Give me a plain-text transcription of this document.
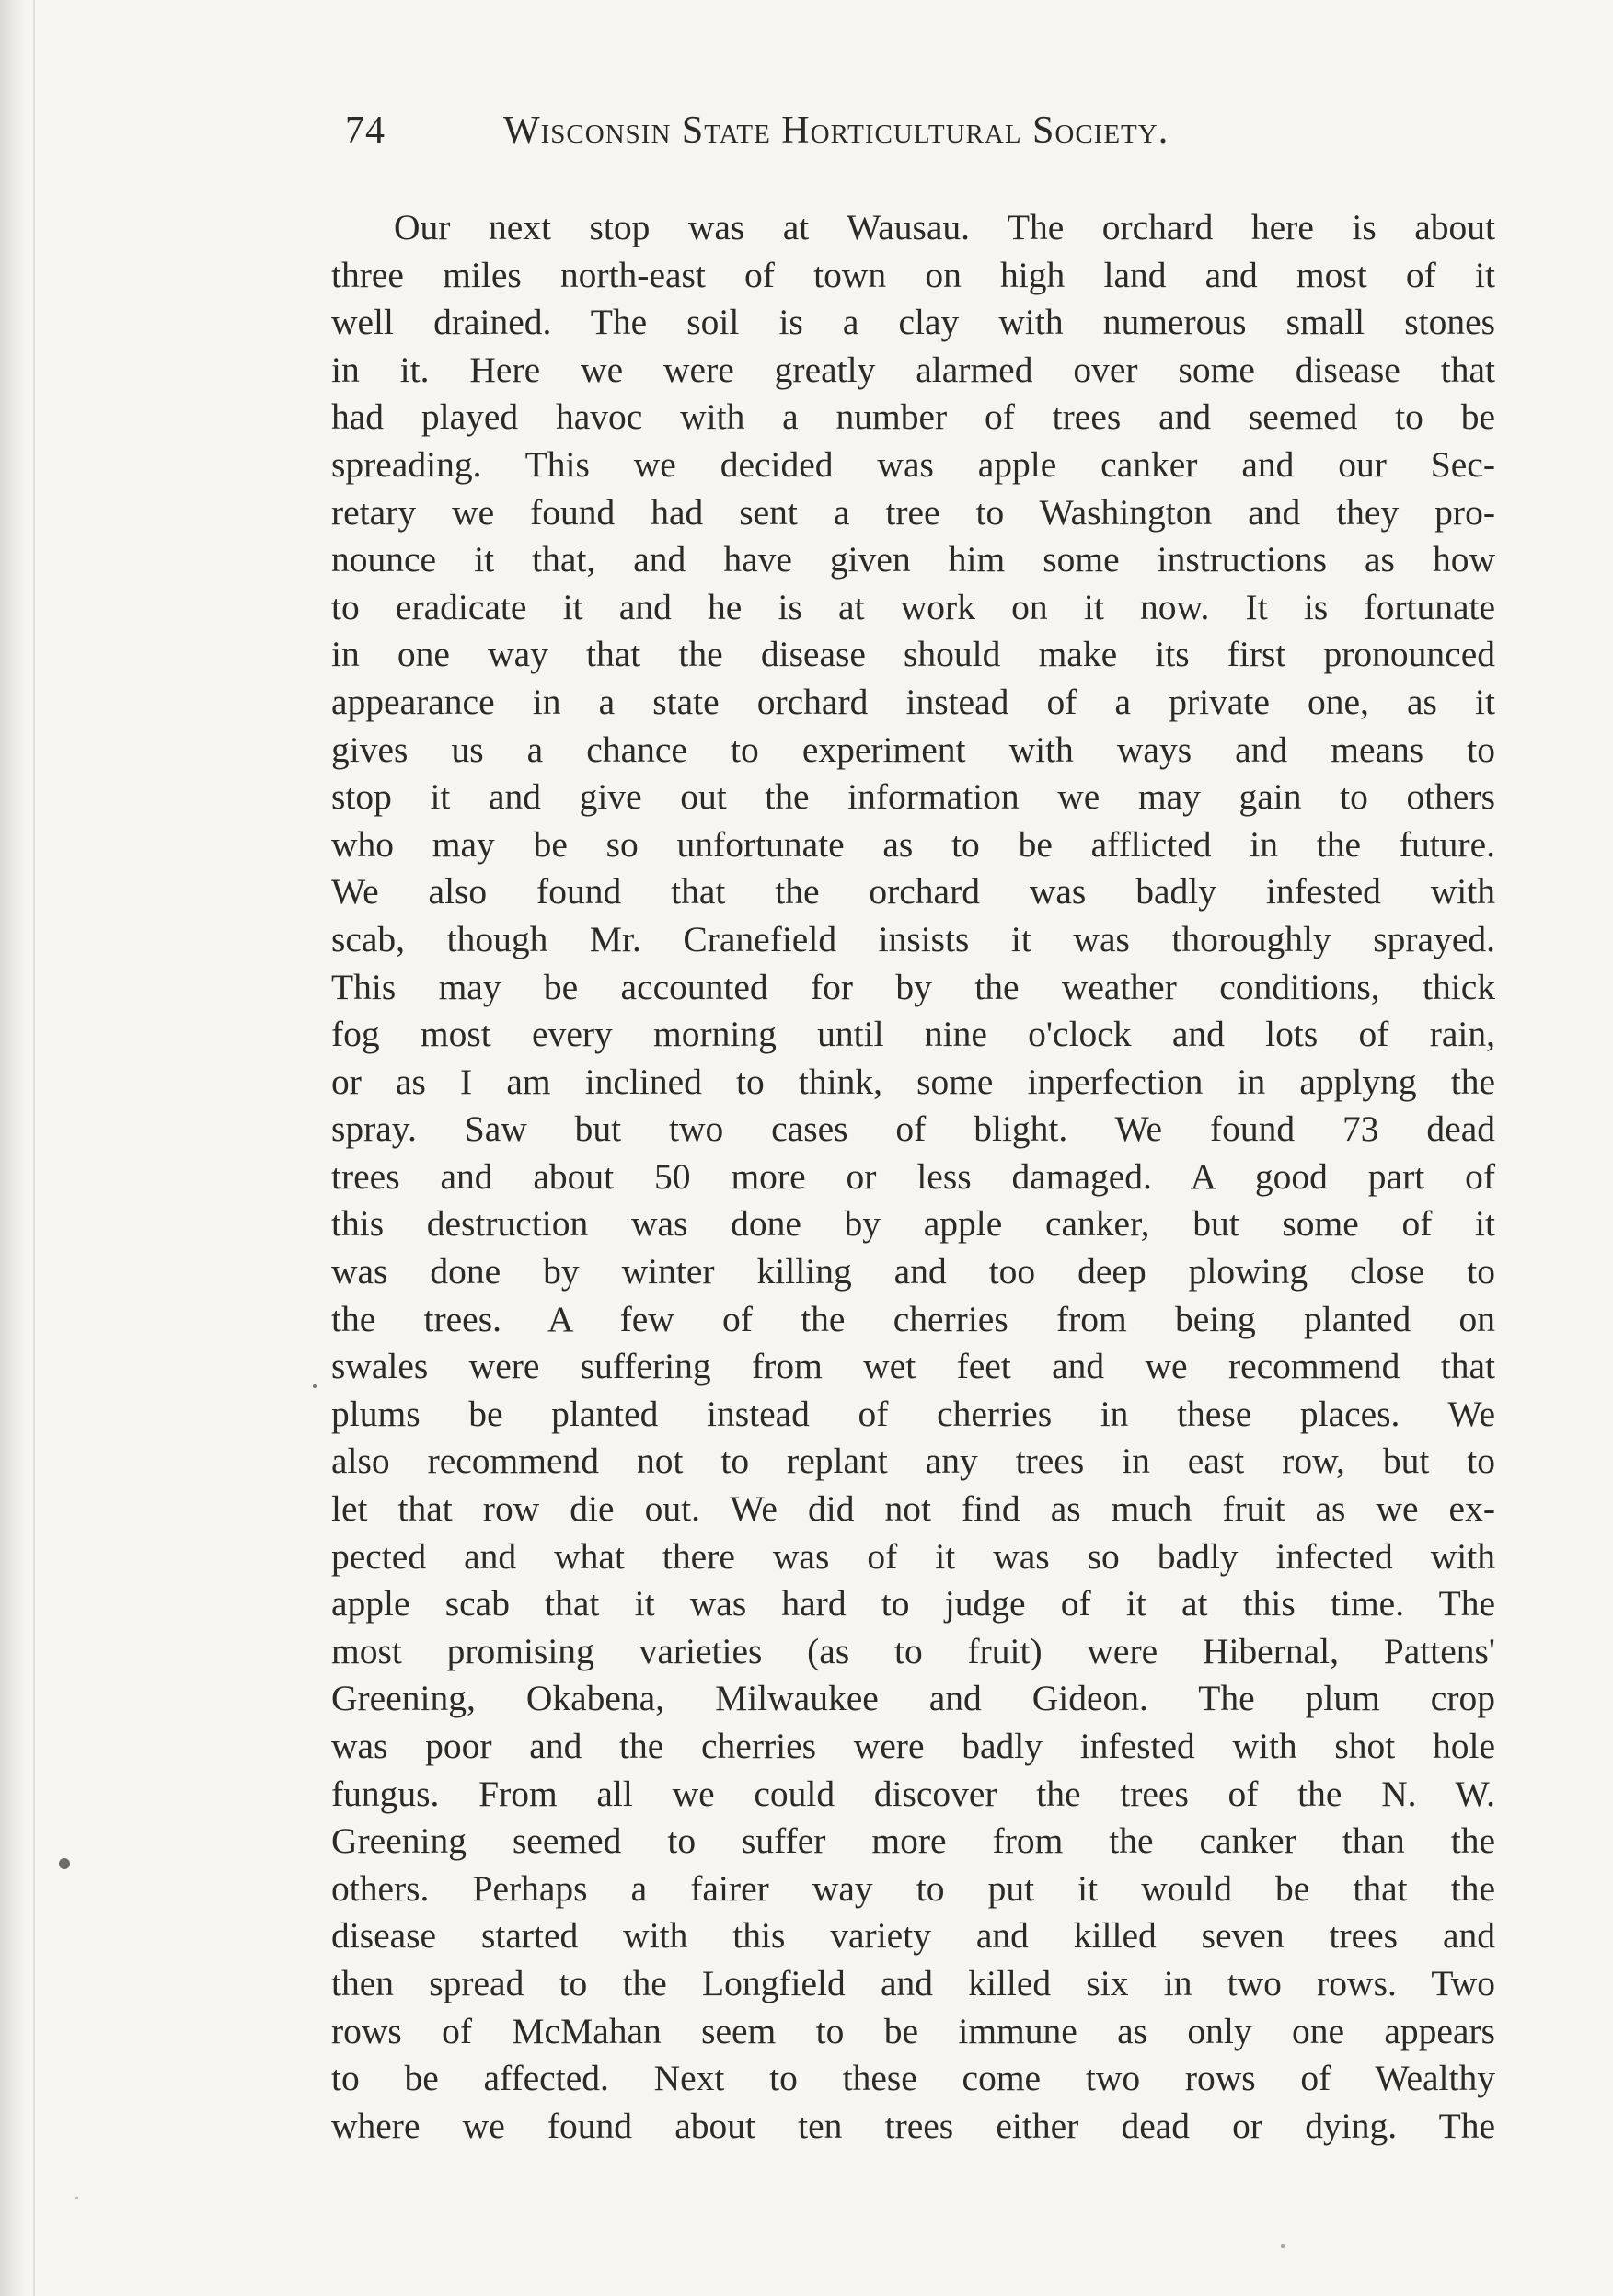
74	Wisconsin State Horticultural Society.
Our next stop was at Wausau. The orchard here is about
three miles north-east of town on high land and most of it
well drained. The soil is a clay with numerous small stones
in it. Here we were greatly alarmed over some disease that
had played havoc with a number of trees and seemed to be
spreading. This we decided was apple canker and our Sec-
retary we found had sent a tree to Washington and they pro-
nounce it that, and have given him some instructions as how
to eradicate it and he is at work on it now. It is fortunate
in one way that the disease should make its first pronounced
appearance in a state orchard instead of a private one, as it
gives us a chance to experiment with ways and means to
stop it and give out the information we may gain to others
who may be so unfortunate as to be afflicted in the future.
We also found that the orchard was badly infested with
scab, though Mr. Cranefield insists it was thoroughly sprayed.
This may be accounted for by the weather conditions, thick
fog most every morning until nine o'clock and lots of rain,
or as I am inclined to think, some inperfection in applyng the
spray. Saw but two cases of blight. We found 73 dead
trees and about 50 more or less damaged. A good part of
this destruction was done by apple canker, but some of it
was done by winter killing and too deep plowing close to
the trees. A few of the cherries from being planted on
swales were suffering from wet feet and we recommend that
plums be planted instead of cherries in these places. We
also recommend not to replant any trees in east row, but to
let that row die out. We did not find as much fruit as we ex-
pected and what there was of it was so badly infected with
apple scab that it was hard to judge of it at this time. The
most promising varieties (as to fruit) were Hibernal, Pattens'
Greening, Okabena, Milwaukee and Gideon. The plum crop
was poor and the cherries were badly infested with shot hole
fungus. From all we could discover the trees of the N. W.
Greening seemed to suffer more from the canker than the
others. Perhaps a fairer way to put it would be that the
disease started with this variety and killed seven trees and
then spread to the Longfield and killed six in two rows. Two
rows of McMahan seem to be immune as only one appears
to be affected. Next to these come two rows of Wealthy
where we found about ten trees either dead or dying. The
